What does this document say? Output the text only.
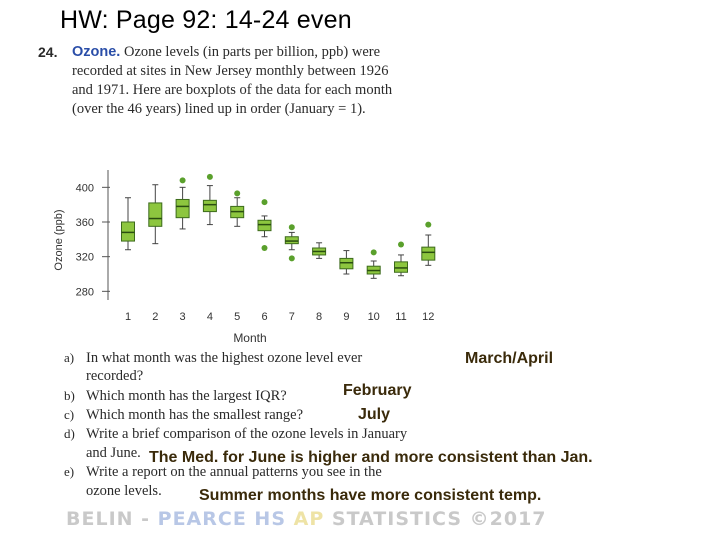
HW: Page 92: 14-24 even
24. Ozone. Ozone levels (in parts per billion, ppb) were
recorded at sites in New Jersey monthly between 1926
and 1971. Here are boxplots of the data for each month
(over the 46 years) lined up in order (January = 1).
Ozone (ppb)
Month
280
320
360
400
1 2 3 4 5 6 7 8 9 10 11 12
a) In what month was the highest ozone level ever
recorded?
b) Which month has the largest IQR?
c) Which month has the smallest range?
d) Write a brief comparison of the ozone levels in January
and June.
e) Write a report on the annual patterns you see in the
ozone levels.
March/April
February
July
The Med. for June is higher and more consistent than Jan.
Summer months have more consistent temp.
BELIN - PEARCE HS AP STATISTICS ©2017
